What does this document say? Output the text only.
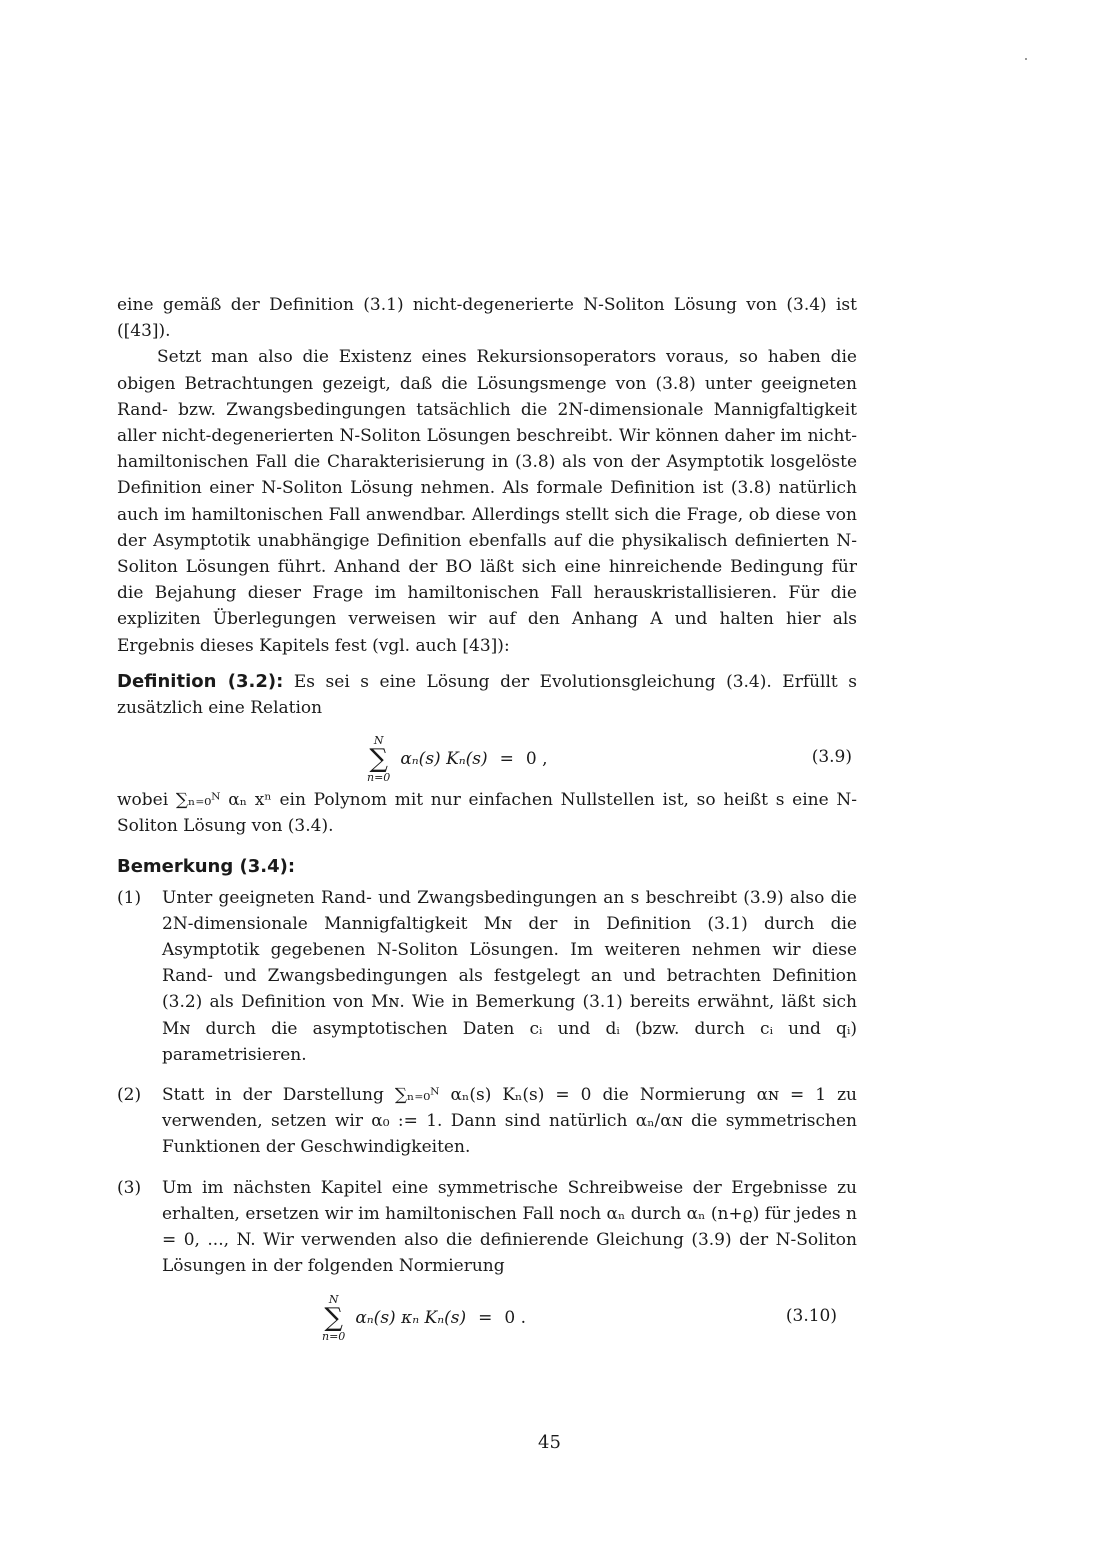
eine gemäß der Definition (3.1) nicht-degenerierte N-Soliton Lösung von (3.4) ist ([43]).

Setzt man also die Existenz eines Rekursionsoperators voraus, so haben die obigen Betrachtungen gezeigt, daß die Lösungsmenge von (3.8) unter geeigneten Rand- bzw. Zwangsbedingungen tatsächlich die 2N-dimensionale Mannigfaltigkeit aller nicht-degenerierten N-Soliton Lösungen beschreibt. Wir können daher im nicht-hamiltonischen Fall die Charakterisierung in (3.8) als von der Asymptotik losgelöste Definition einer N-Soliton Lösung nehmen. Als formale Definition ist (3.8) natürlich auch im hamiltonischen Fall anwendbar. Allerdings stellt sich die Frage, ob diese von der Asymptotik unabhängige Definition ebenfalls auf die physikalisch definierten N-Soliton Lösungen führt. Anhand der BO läßt sich eine hinreichende Bedingung für die Bejahung dieser Frage im hamiltonischen Fall herauskristallisieren. Für die expliziten Überlegungen verweisen wir auf den Anhang A und halten hier als Ergebnis dieses Kapitels fest (vgl. auch [43]):

Definition (3.2): Es sei s eine Lösung der Evolutionsgleichung (3.4). Erfüllt s zusätzlich eine Relation

N
∑
n=0
αₙ(s) Kₙ(s) = 0 ,	(3.9)

wobei ∑ₙ₌₀ᴺ αₙ xⁿ ein Polynom mit nur einfachen Nullstellen ist, so heißt s eine N-Soliton Lösung von (3.4).

Bemerkung (3.4):
(1) Unter geeigneten Rand- und Zwangsbedingungen an s beschreibt (3.9) also die 2N-dimensionale Mannigfaltigkeit Mɴ der in Definition (3.1) durch die Asymptotik gegebenen N-Soliton Lösungen. Im weiteren nehmen wir diese Rand- und Zwangsbedingungen als festgelegt an und betrachten Definition (3.2) als Definition von Mɴ. Wie in Bemerkung (3.1) bereits erwähnt, läßt sich Mɴ durch die asymptotischen Daten cᵢ und dᵢ (bzw. durch cᵢ und qᵢ) parametrisieren.

(2) Statt in der Darstellung ∑ₙ₌₀ᴺ αₙ(s) Kₙ(s) = 0 die Normierung αɴ = 1 zu verwenden, setzen wir α₀ := 1. Dann sind natürlich αₙ/αɴ die symmetrischen Funktionen der Geschwindigkeiten.

(3) Um im nächsten Kapitel eine symmetrische Schreibweise der Ergebnisse zu erhalten, ersetzen wir im hamiltonischen Fall noch αₙ durch αₙ (n+ϱ) für jedes n = 0, ..., N. Wir verwenden also die definierende Gleichung (3.9) der N-Soliton Lösungen in der folgenden Normierung

N
∑
n=0
αₙ(s) κₙ Kₙ(s) = 0 .	(3.10)
45
